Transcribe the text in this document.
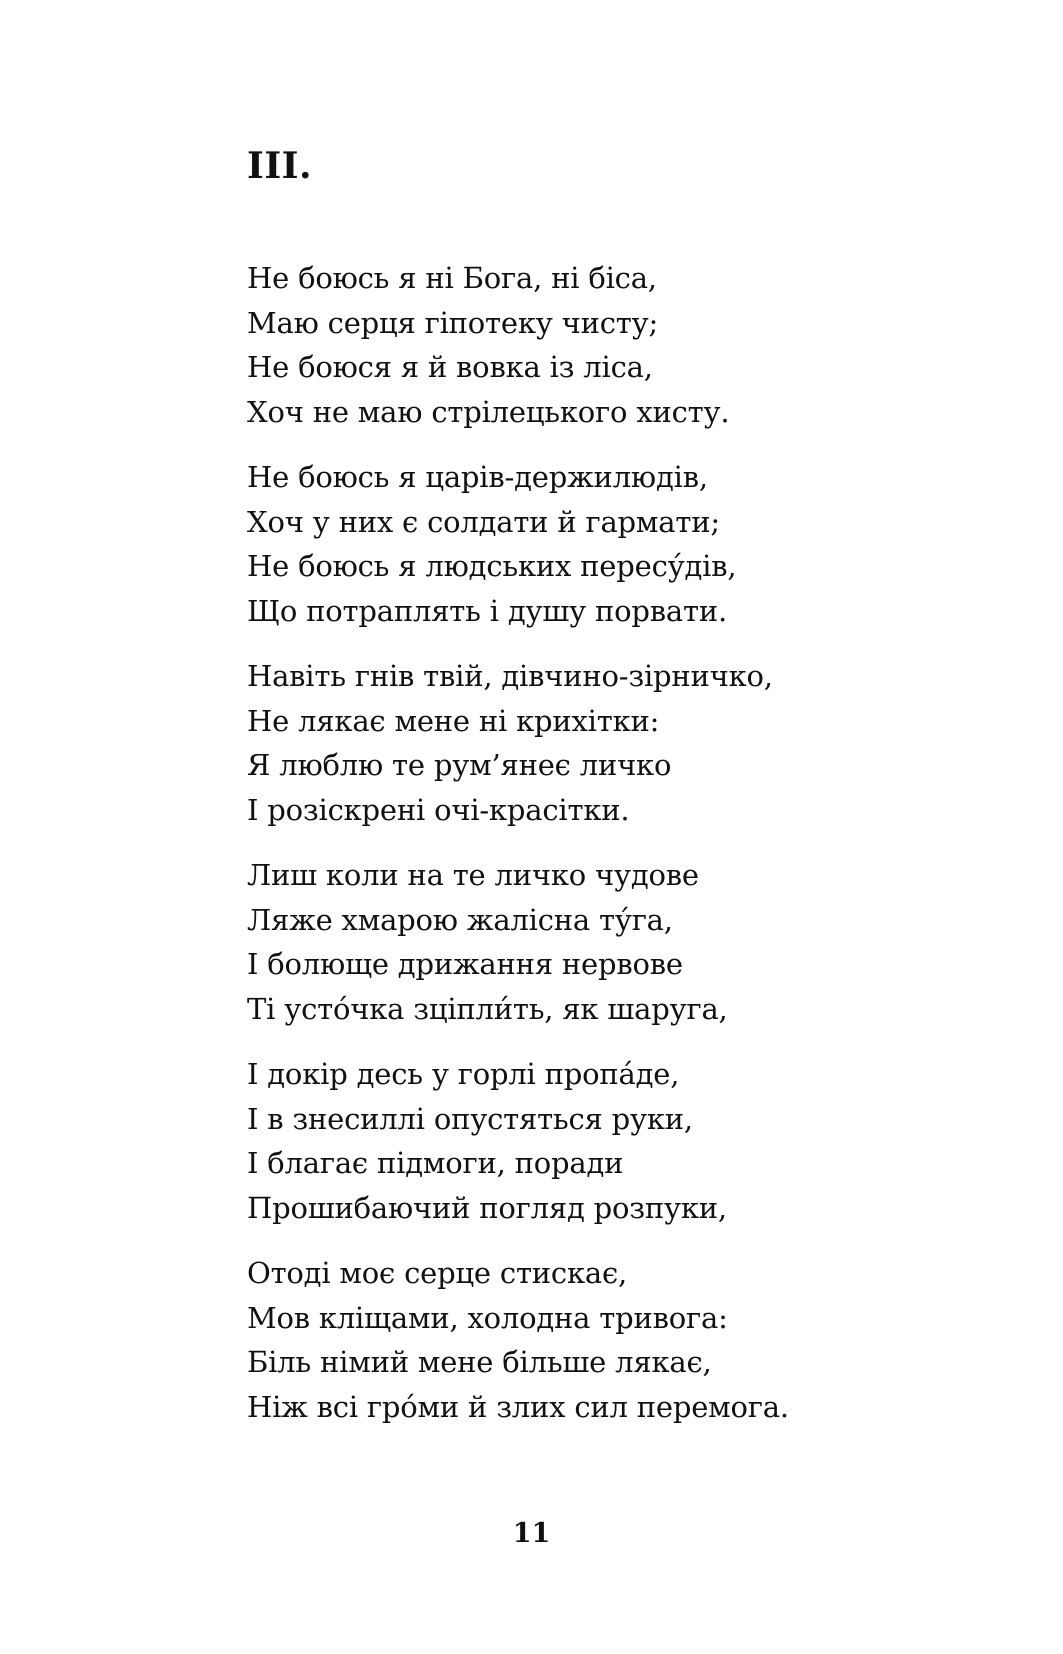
III.
Не боюсь я ні Бога, ні біса,
Маю серця гіпотеку чисту;
Не боюся я й вовка із ліса,
Хоч не маю стрілецького хисту.
Не боюсь я царів-держилюдів,
Хоч у них є солдати й гармати;
Не боюсь я людських пересу́дів,
Що потраплять і душу порвати.
Навіть гнів твій, дівчино-зірничко,
Не лякає мене ні крихітки:
Я люблю те рум’янеє личко
І розіскрені очі-красітки.
Лиш коли на те личко чудове
Ляже хмарою жалісна ту́га,
І болюще дрижання нервове
Ті усто́чка зціпли́ть, як шаруга,
І докір десь у горлі пропа́де,
І в знесиллі опустяться руки,
І благає підмоги, поради
Прошибаючий погляд розпуки,
Отоді моє серце стискає,
Мов кліщами, холодна тривога:
Біль німий мене більше лякає,
Ніж всі гро́ми й злих сил перемога.
11
